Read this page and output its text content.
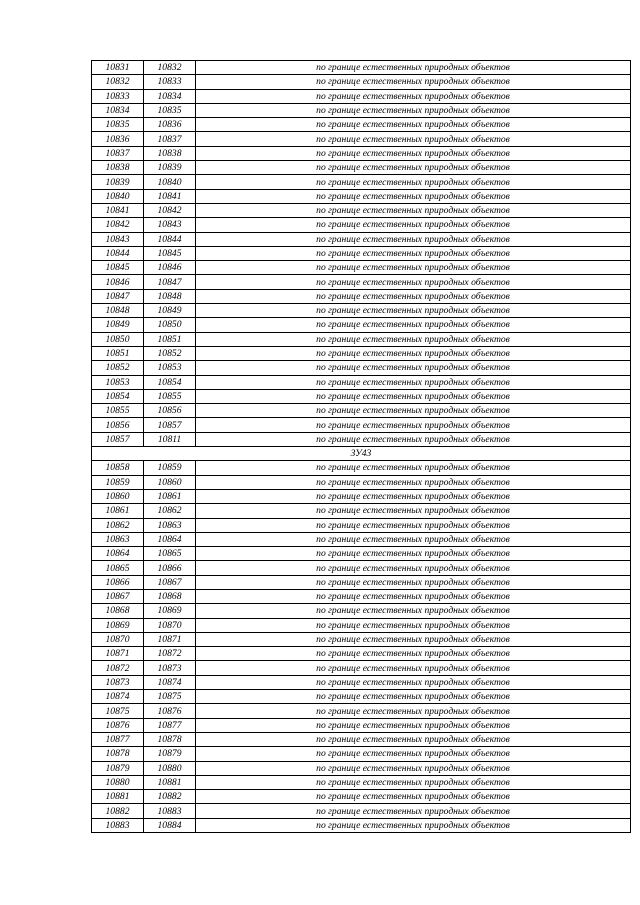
10831	10832	по границе естественных природных объектов
10832	10833	по границе естественных природных объектов
10833	10834	по границе естественных природных объектов
10834	10835	по границе естественных природных объектов
10835	10836	по границе естественных природных объектов
10836	10837	по границе естественных природных объектов
10837	10838	по границе естественных природных объектов
10838	10839	по границе естественных природных объектов
10839	10840	по границе естественных природных объектов
10840	10841	по границе естественных природных объектов
10841	10842	по границе естественных природных объектов
10842	10843	по границе естественных природных объектов
10843	10844	по границе естественных природных объектов
10844	10845	по границе естественных природных объектов
10845	10846	по границе естественных природных объектов
10846	10847	по границе естественных природных объектов
10847	10848	по границе естественных природных объектов
10848	10849	по границе естественных природных объектов
10849	10850	по границе естественных природных объектов
10850	10851	по границе естественных природных объектов
10851	10852	по границе естественных природных объектов
10852	10853	по границе естественных природных объектов
10853	10854	по границе естественных природных объектов
10854	10855	по границе естественных природных объектов
10855	10856	по границе естественных природных объектов
10856	10857	по границе естественных природных объектов
10857	10811	по границе естественных природных объектов
ЗУ43		
10858	10859	по границе естественных природных объектов
10859	10860	по границе естественных природных объектов
10860	10861	по границе естественных природных объектов
10861	10862	по границе естественных природных объектов
10862	10863	по границе естественных природных объектов
10863	10864	по границе естественных природных объектов
10864	10865	по границе естественных природных объектов
10865	10866	по границе естественных природных объектов
10866	10867	по границе естественных природных объектов
10867	10868	по границе естественных природных объектов
10868	10869	по границе естественных природных объектов
10869	10870	по границе естественных природных объектов
10870	10871	по границе естественных природных объектов
10871	10872	по границе естественных природных объектов
10872	10873	по границе естественных природных объектов
10873	10874	по границе естественных природных объектов
10874	10875	по границе естественных природных объектов
10875	10876	по границе естественных природных объектов
10876	10877	по границе естественных природных объектов
10877	10878	по границе естественных природных объектов
10878	10879	по границе естественных природных объектов
10879	10880	по границе естественных природных объектов
10880	10881	по границе естественных природных объектов
10881	10882	по границе естественных природных объектов
10882	10883	по границе естественных природных объектов
10883	10884	по границе естественных природных объектов
